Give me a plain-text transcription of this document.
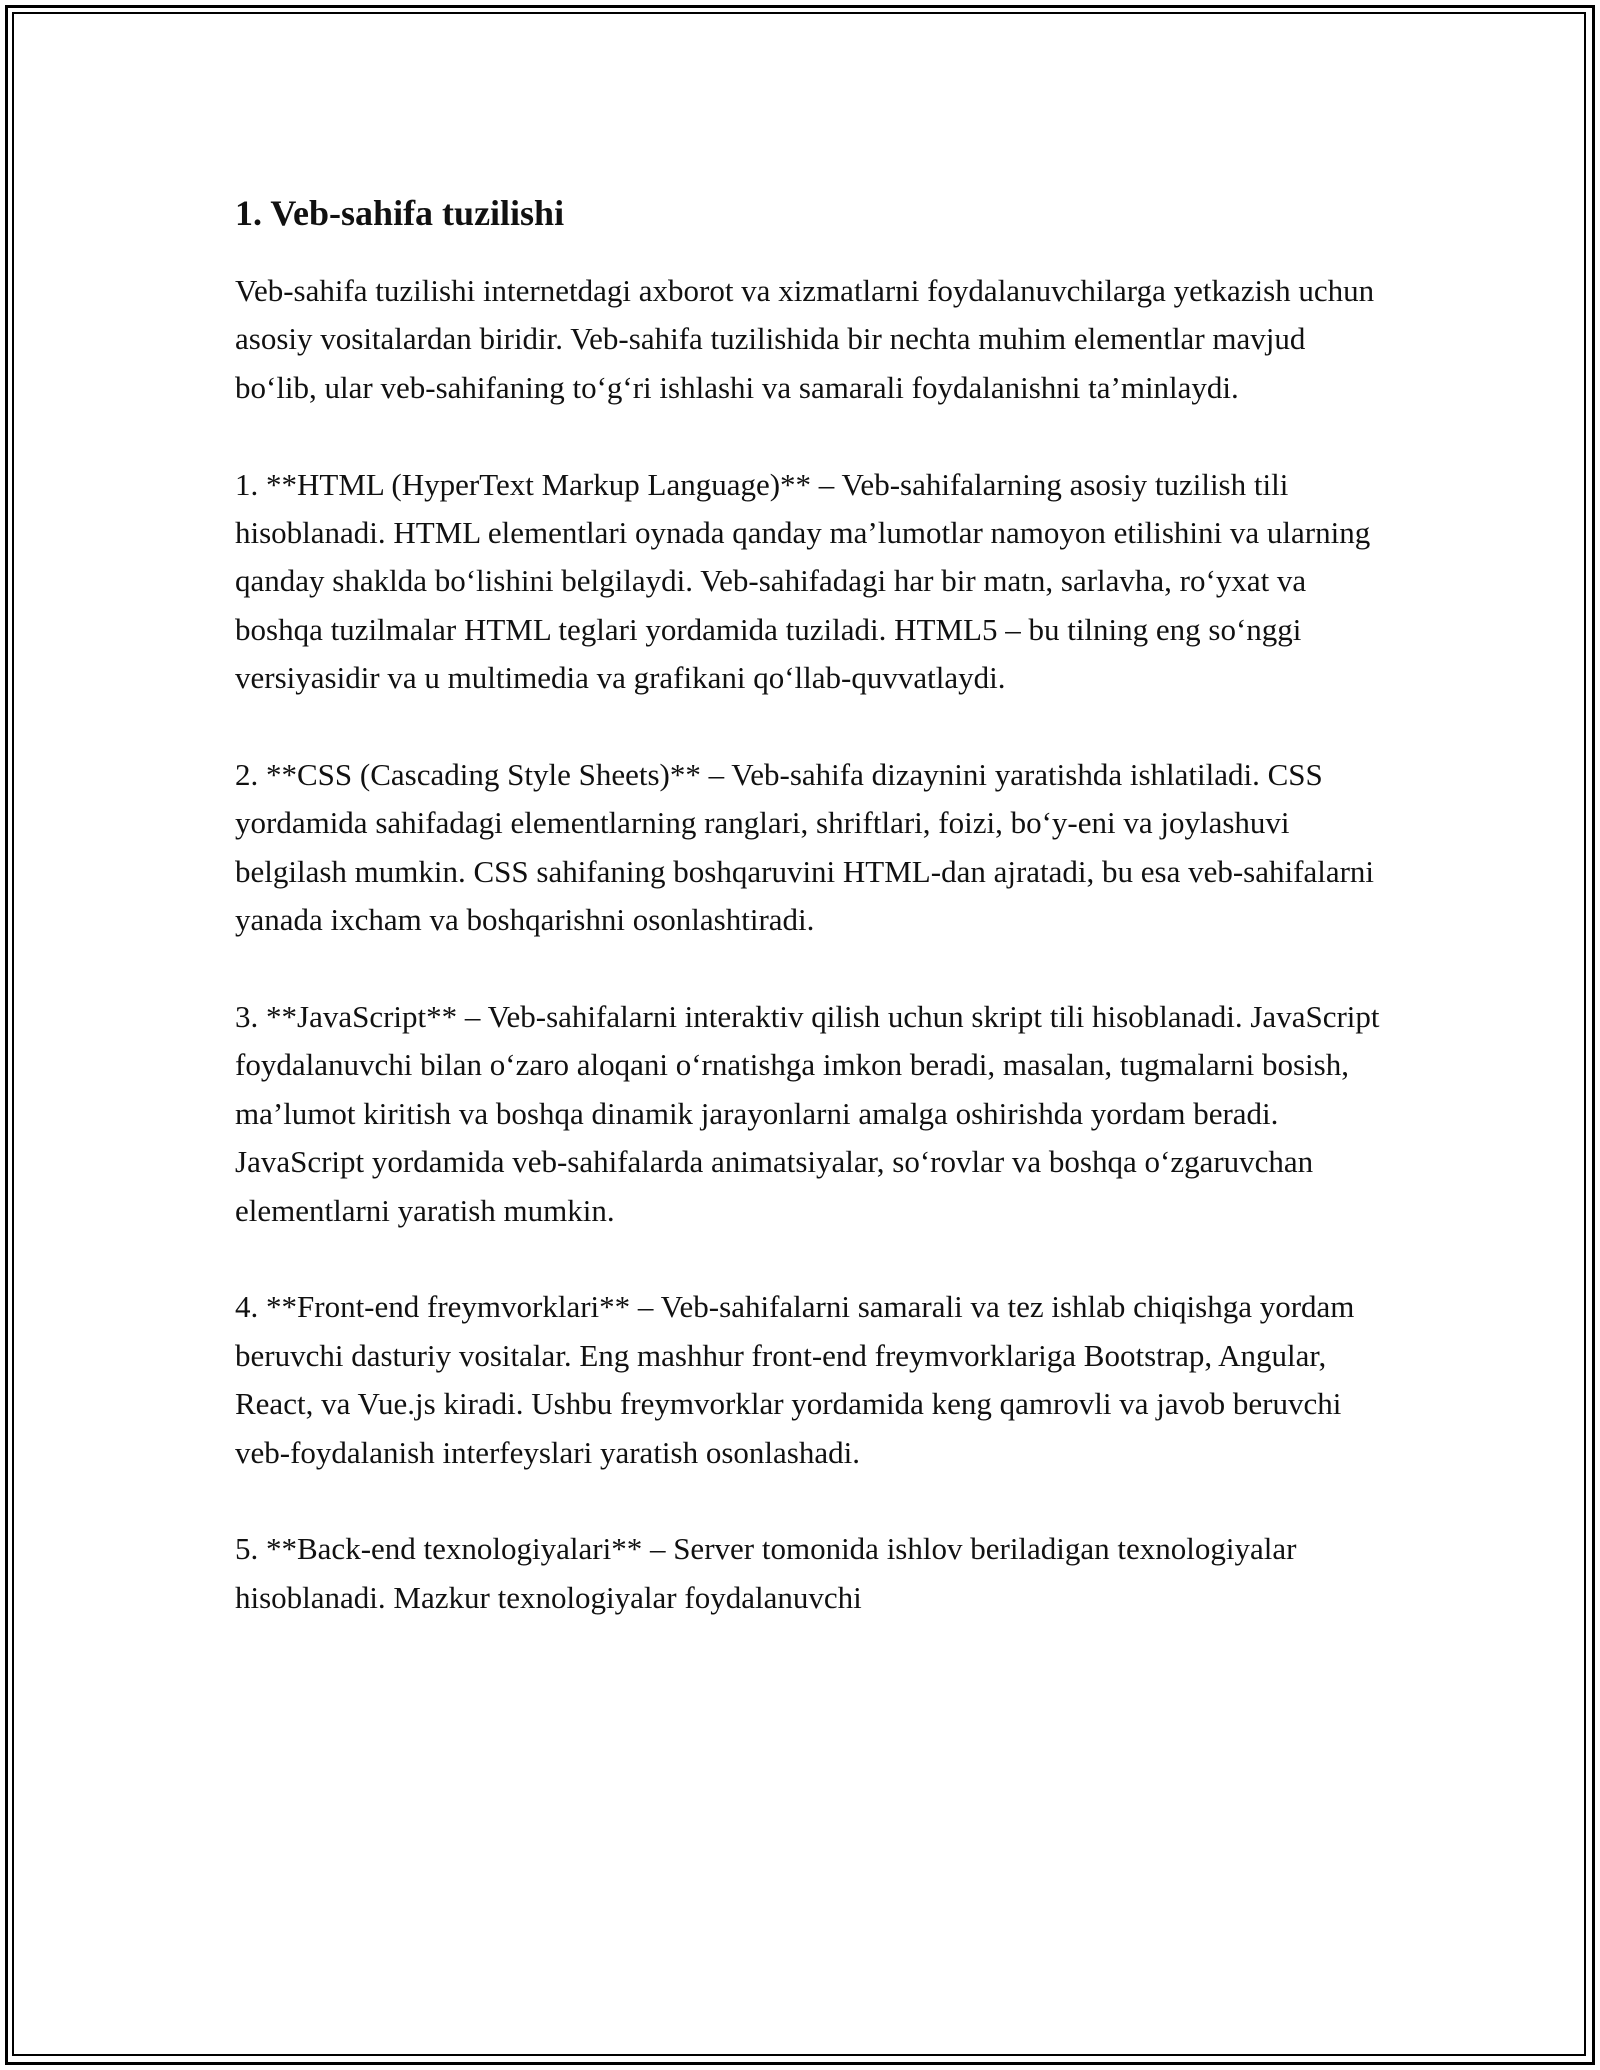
1. Veb-sahifa tuzilishi

Veb-sahifa tuzilishi internetdagi axborot va xizmatlarni foydalanuvchilarga yetkazish uchun asosiy vositalardan biridir. Veb-sahifa tuzilishida bir nechta muhim elementlar mavjud bo‘lib, ular veb-sahifaning to‘g‘ri ishlashi va samarali foydalanishni ta’minlaydi.

1. **HTML (HyperText Markup Language)** – Veb-sahifalarning asosiy tuzilish tili hisoblanadi. HTML elementlari oynada qanday ma’lumotlar namoyon etilishini va ularning qanday shaklda bo‘lishini belgilaydi. Veb-sahifadagi har bir matn, sarlavha, ro‘yxat va boshqa tuzilmalar HTML teglari yordamida tuziladi. HTML5 – bu tilning eng so‘nggi versiyasidir va u multimedia va grafikani qo‘llab-quvvatlaydi.

2. **CSS (Cascading Style Sheets)** – Veb-sahifa dizaynini yaratishda ishlatiladi. CSS yordamida sahifadagi elementlarning ranglari, shriftlari, foizi, bo‘y-eni va joylashuvi belgilash mumkin. CSS sahifaning boshqaruvini HTML-dan ajratadi, bu esa veb-sahifalarni yanada ixcham va boshqarishni osonlashtiradi.

3. **JavaScript** – Veb-sahifalarni interaktiv qilish uchun skript tili hisoblanadi. JavaScript foydalanuvchi bilan o‘zaro aloqani o‘rnatishga imkon beradi, masalan, tugmalarni bosish, ma’lumot kiritish va boshqa dinamik jarayonlarni amalga oshirishda yordam beradi. JavaScript yordamida veb-sahifalarda animatsiyalar, so‘rovlar va boshqa o‘zgaruvchan elementlarni yaratish mumkin.

4. **Front-end freymvorklari** – Veb-sahifalarni samarali va tez ishlab chiqishga yordam beruvchi dasturiy vositalar. Eng mashhur front-end freymvorklariga Bootstrap, Angular, React, va Vue.js kiradi. Ushbu freymvorklar yordamida keng qamrovli va javob beruvchi veb-foydalanish interfeyslari yaratish osonlashadi.

5. **Back-end texnologiyalari** – Server tomonida ishlov beriladigan texnologiyalar hisoblanadi. Mazkur texnologiyalar foydalanuvchi
